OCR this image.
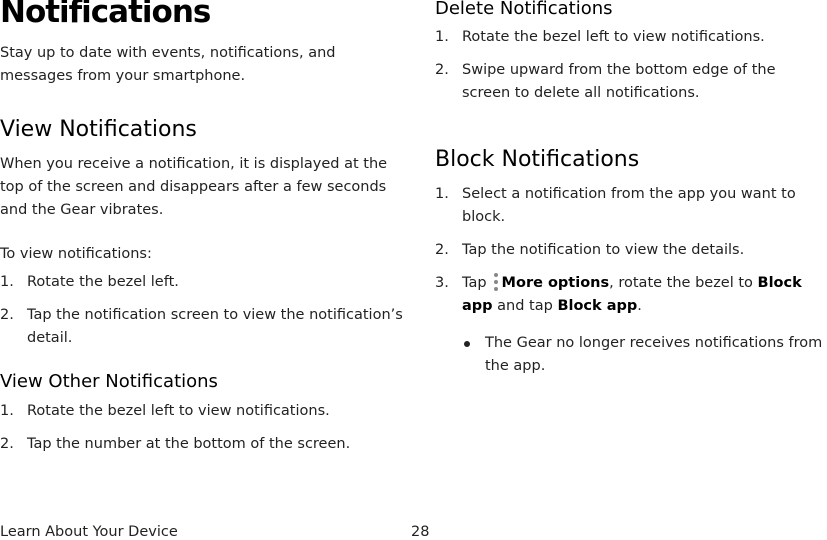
Notifications

Stay up to date with events, notifications, and messages from your smartphone.

View Notifications

When you receive a notification, it is displayed at the top of the screen and disappears after a few seconds and the Gear vibrates.

To view notifications:

1. Rotate the bezel left.
2. Tap the notification screen to view the notification’s detail.
View Other Notifications
1. Rotate the bezel left to view notifications.
2. Tap the number at the bottom of the screen.
Delete Notifications
1. Rotate the bezel left to view notifications.
2. Swipe upward from the bottom edge of the screen to delete all notifications.
Block Notifications
1. Select a notification from the app you want to block.
2. Tap the notification to view the details.
3. Tap More options, rotate the bezel to Block app and tap Block app.
The Gear no longer receives notifications from the app.
Learn About Your Device	28
